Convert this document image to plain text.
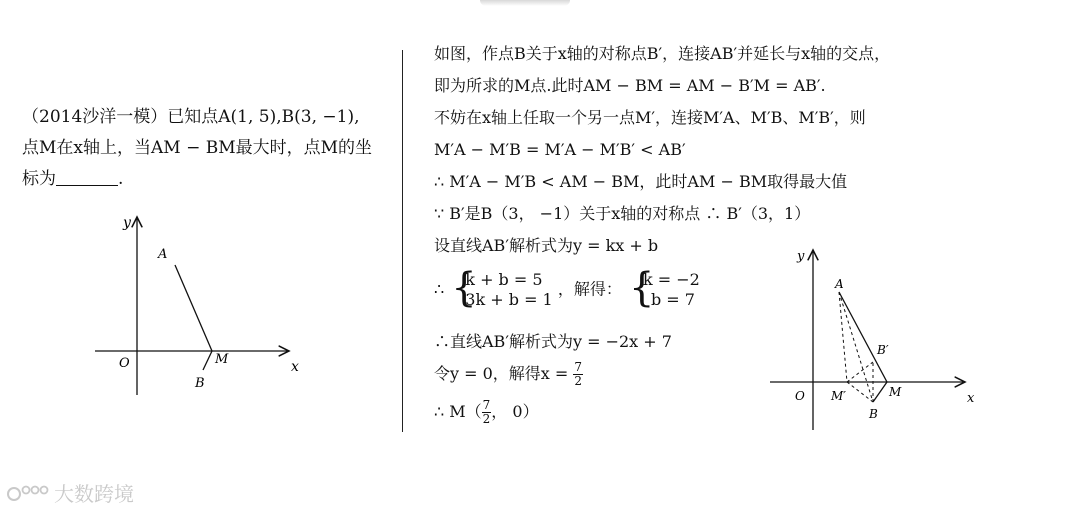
（2014沙洋一模）已知点A(1, 5),B(3, −1),
点M在x轴上，当AM − BM最大时，点M的坐
标为	.
y
x
O
A
M
B
如图，作点B关于x轴的对称点B′，连接AB′并延长与x轴的交点，
即为所求的M点.此时AM − BM = AM − B′M = AB′.
不妨在x轴上任取一个另一点M′，连接M′A、M′B、M′B′，则
M′A − M′B = M′A − M′B′ < AB′
∴ M′A − M′B < AM − BM，此时AM − BM取得最大值
∵ B′是B（3， −1）关于x轴的对称点 ∴ B′（3，1）
设直线AB′解析式为y = kx + b
∴ { k + b = 5
3k + b = 1
，解得： { k = −2
b = 7
∴直线AB′解析式为y = −2x + 7
令y = 0，解得$x = \frac{7}{2}$
∴ $M( \frac{7}{2}$ ， 0）
y
x
O
A
B′
M′	M
B
大数跨境
